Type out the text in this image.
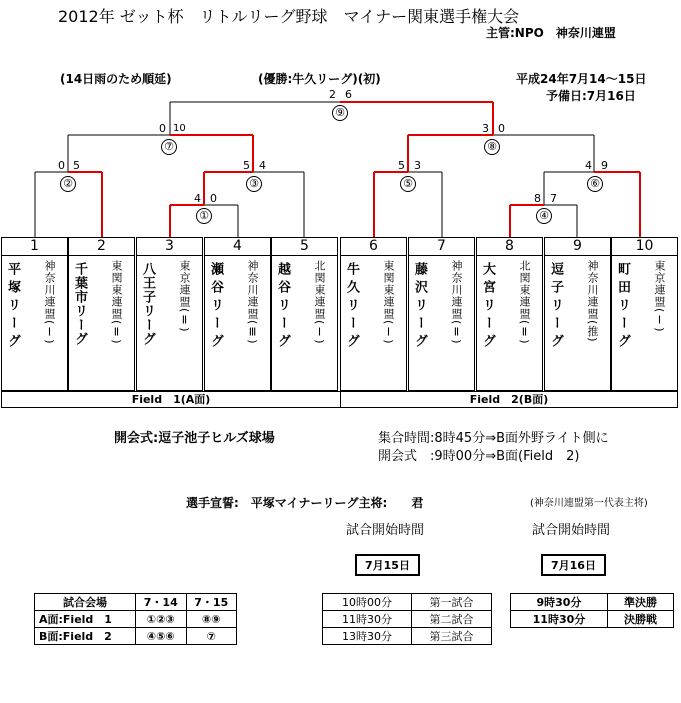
2012年 ゼット杯　リトルリーグ野球　マイナー関東選手権大会
主管:NPO　神奈川連盟
(14日雨のため順延)	(優勝:牛久リーグ)(初)	平成24年7月14〜15日
予備日:7月16日
2 6
⑨
0 10
⑦
3 0
⑧
0 5
②
5 4
③
5 3
⑤
4 9
⑥
4 0
①
8 7
④
1
平塚リーグ 神奈川連盟(Ⅰ)
2
千葉市リーグ 東関東連盟(Ⅱ)
3
八王子リーグ 東京連盟(Ⅱ)
4
瀬谷リーグ 神奈川連盟(Ⅲ)
5
越谷リーグ 北関東連盟(Ⅰ)
6
牛久リーグ 東関東連盟(Ⅰ)
7
藤沢リーグ 神奈川連盟(Ⅱ)
8
大宮リーグ 北関東連盟(Ⅱ)
9
逗子リーグ 神奈川連盟(推)
10
町田リーグ 東京連盟(Ⅰ)
Field　1(A面)	Field　2(B面)
開会式:逗子池子ヒルズ球場	集合時間:8時45分⇒B面外野ライト側に
開会式　:9時00分⇒B面(Field　2)
選手宣誓:　平塚マイナーリーグ主将:　　君	(神奈川連盟第一代表主将)
試合開始時間	試合開始時間
7月15日	7月16日
試合会場	7・14	7・15
A面:Field　1	①②③	⑧⑨
B面:Field　2	④⑤⑥	⑦
10時00分	第一試合
11時30分	第二試合
13時30分	第三試合
9時30分	準決勝
11時30分	決勝戦
